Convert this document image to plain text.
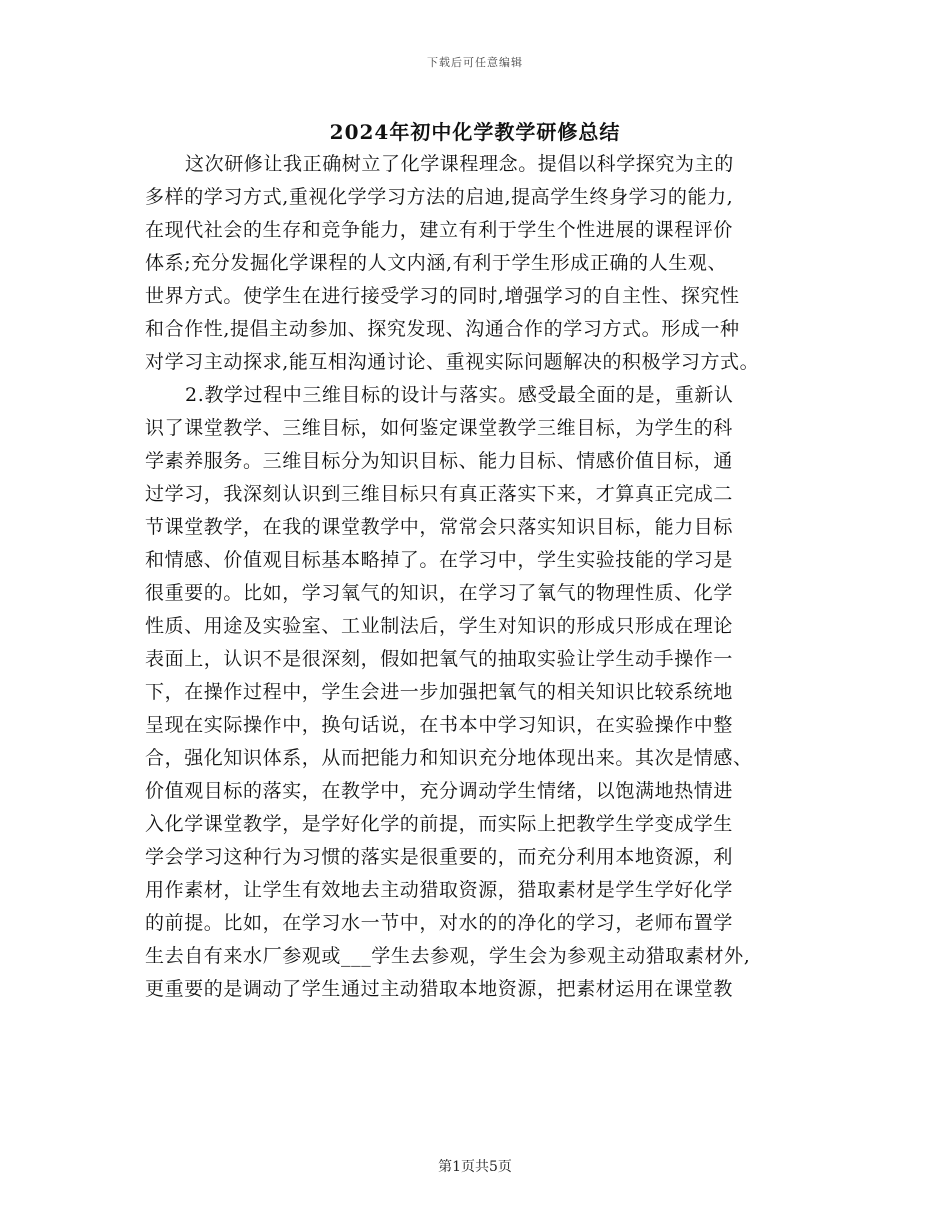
下载后可任意编辑
2024年初中化学教学研修总结
这次研修让我正确树立了化学课程理念。提倡以科学探究为主的
多样的学习方式,重视化学学习方法的启迪,提高学生终身学习的能力,
在现代社会的生存和竞争能力，建立有利于学生个性进展的课程评价
体系;充分发掘化学课程的人文内涵,有利于学生形成正确的人生观、
世界方式。使学生在进行接受学习的同时,增强学习的自主性、探究性
和合作性,提倡主动参加、探究发现、沟通合作的学习方式。形成一种
对学习主动探求,能互相沟通讨论、重视实际问题解决的积极学习方式。
2.教学过程中三维目标的设计与落实。感受最全面的是，重新认
识了课堂教学、三维目标，如何鉴定课堂教学三维目标，为学生的科
学素养服务。三维目标分为知识目标、能力目标、情感价值目标，通
过学习，我深刻认识到三维目标只有真正落实下来，才算真正完成二
节课堂教学，在我的课堂教学中，常常会只落实知识目标，能力目标
和情感、价值观目标基本略掉了。在学习中，学生实验技能的学习是
很重要的。比如，学习氧气的知识，在学习了氧气的物理性质、化学
性质、用途及实验室、工业制法后，学生对知识的形成只形成在理论
表面上，认识不是很深刻，假如把氧气的抽取实验让学生动手操作一
下，在操作过程中，学生会进一步加强把氧气的相关知识比较系统地
呈现在实际操作中，换句话说，在书本中学习知识，在实验操作中整
合，强化知识体系，从而把能力和知识充分地体现出来。其次是情感、
价值观目标的落实，在教学中，充分调动学生情绪，以饱满地热情进
入化学课堂教学，是学好化学的前提，而实际上把教学生学变成学生
学会学习这种行为习惯的落实是很重要的，而充分利用本地资源，利
用作素材，让学生有效地去主动猎取资源，猎取素材是学生学好化学
的前提。比如，在学习水一节中，对水的的净化的学习，老师布置学
生去自有来水厂参观或___学生去参观，学生会为参观主动猎取素材外,
更重要的是调动了学生通过主动猎取本地资源，把素材运用在课堂教
第1页共5页
